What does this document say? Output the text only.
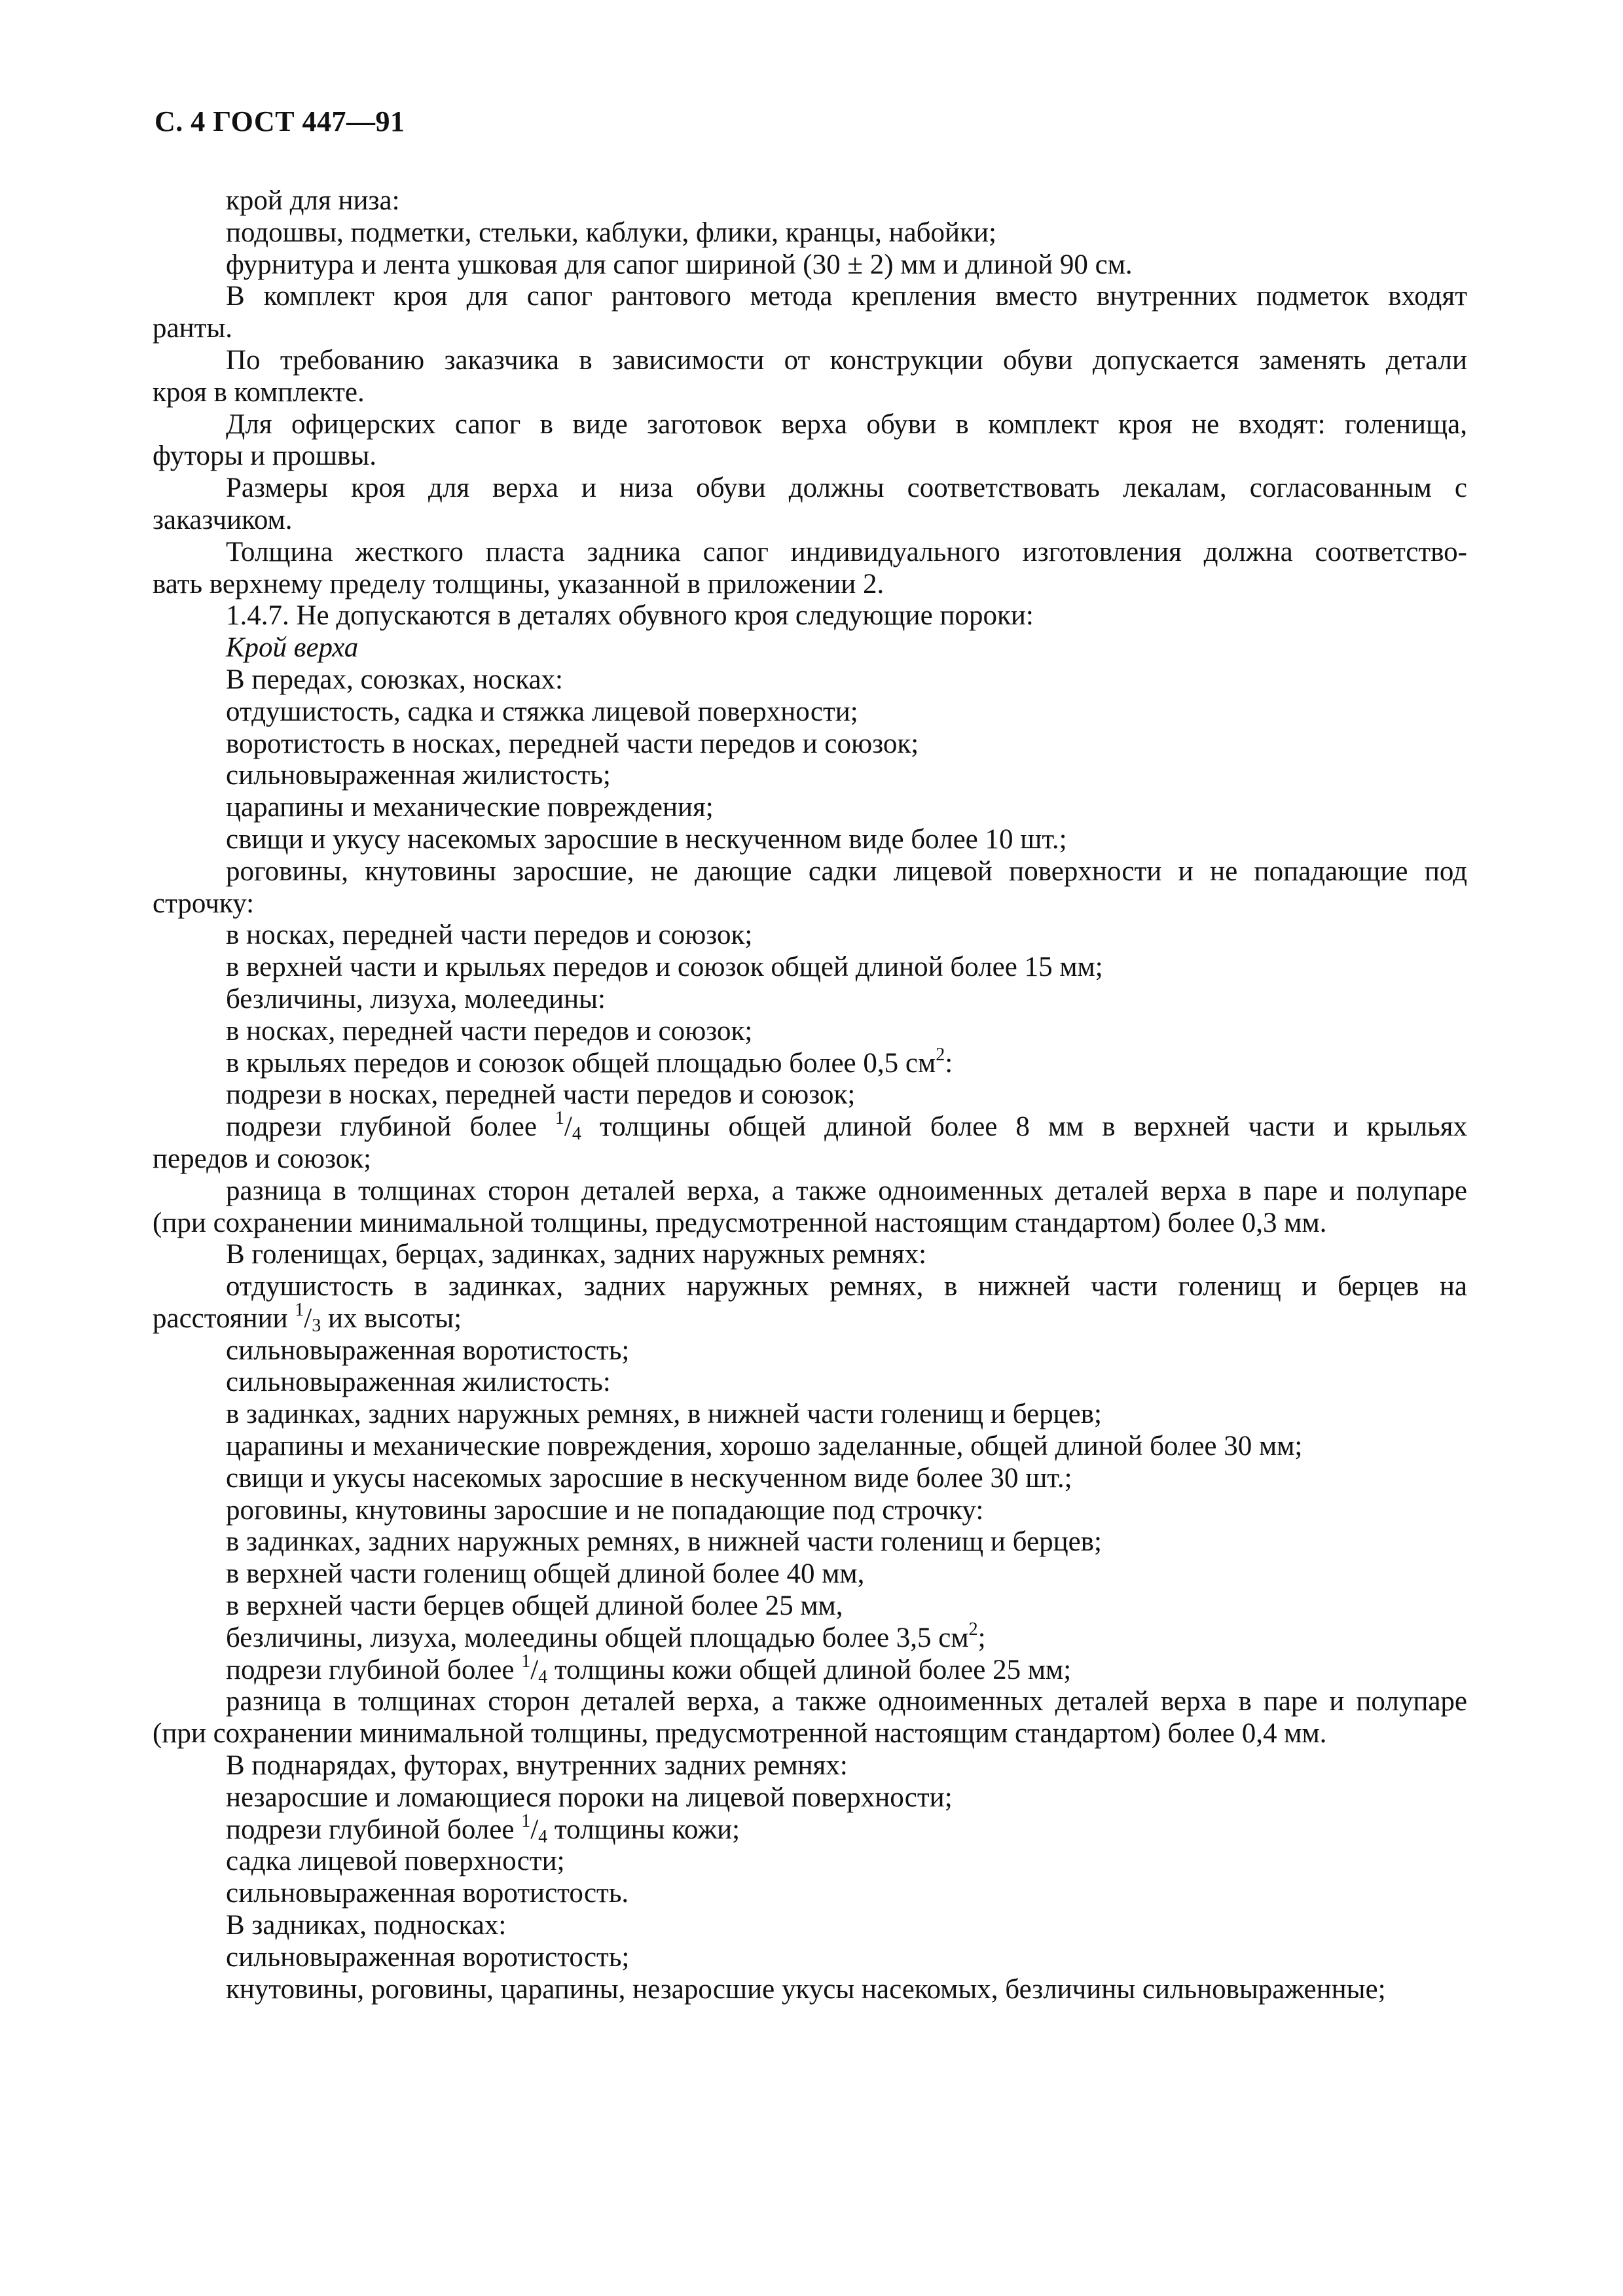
С. 4 ГОСТ 447—91

крой для низа:

подошвы, подметки, стельки, каблуки, флики, кранцы, набойки;

фурнитура и лента ушковая для сапог шириной (30 ± 2) мм и длиной 90 см.

В комплект кроя для сапог рантового метода крепления вместо внутренних подметок входят

ранты.

По требованию заказчика в зависимости от конструкции обуви допускается заменять детали

кроя в комплекте.

Для офицерских сапог в виде заготовок верха обуви в комплект кроя не входят: голенища,

футоры и прошвы.

Размеры кроя для верха и низа обуви должны соответствовать лекалам, согласованным с

заказчиком.

Толщина жесткого пласта задника сапог индивидуального изготовления должна соответство-

вать верхнему пределу толщины, указанной в приложении 2.

1.4.7. Не допускаются в деталях обувного кроя следующие пороки:

Крой верха

В передах, союзках, носках:

отдушистость, садка и стяжка лицевой поверхности;

воротистость в носках, передней части передов и союзок;

сильновыраженная жилистость;

царапины и механические повреждения;

свищи и укусу насекомых заросшие в нескученном виде более 10 шт.;

роговины, кнутовины заросшие, не дающие садки лицевой поверхности и не попадающие под

строчку:

в носках, передней части передов и союзок;

в верхней части и крыльях передов и союзок общей длиной более 15 мм;

безличины, лизуха, молеедины:

в носках, передней части передов и союзок;

в крыльях передов и союзок общей площадью более 0,5 $см^2$:

подрези в носках, передней части передов и союзок;

подрези глубиной более $^1/_4$ толщины общей длиной более 8 мм в верхней части и крыльях

передов и союзок;

разница в толщинах сторон деталей верха, а также одноименных деталей верха в паре и полупаре

(при сохранении минимальной толщины, предусмотренной настоящим стандартом) более 0,3 мм.

В голенищах, берцах, задинках, задних наружных ремнях:

отдушистость в задинках, задних наружных ремнях, в нижней части голенищ и берцев на

расстоянии $^1/_3$ их высоты;

сильновыраженная воротистость;

сильновыраженная жилистость:

в задинках, задних наружных ремнях, в нижней части голенищ и берцев;

царапины и механические повреждения, хорошо заделанные, общей длиной более 30 мм;

свищи и укусы насекомых заросшие в нескученном виде более 30 шт.;

роговины, кнутовины заросшие и не попадающие под строчку:

в задинках, задних наружных ремнях, в нижней части голенищ и берцев;

в верхней части голенищ общей длиной более 40 мм,

в верхней части берцев общей длиной более 25 мм,

безличины, лизуха, молеедины общей площадью более 3,5 $см^2$;

подрези глубиной более $^1/_4$ толщины кожи общей длиной более 25 мм;

разница в толщинах сторон деталей верха, а также одноименных деталей верха в паре и полупаре

(при сохранении минимальной толщины, предусмотренной настоящим стандартом) более 0,4 мм.

В поднарядах, футорах, внутренних задних ремнях:

незаросшие и ломающиеся пороки на лицевой поверхности;

подрези глубиной более $^1/_4$ толщины кожи;

садка лицевой поверхности;

сильновыраженная воротистость.

В задниках, подносках:

сильновыраженная воротистость;

кнутовины, роговины, царапины, незаросшие укусы насекомых, безличины сильновыраженные;
